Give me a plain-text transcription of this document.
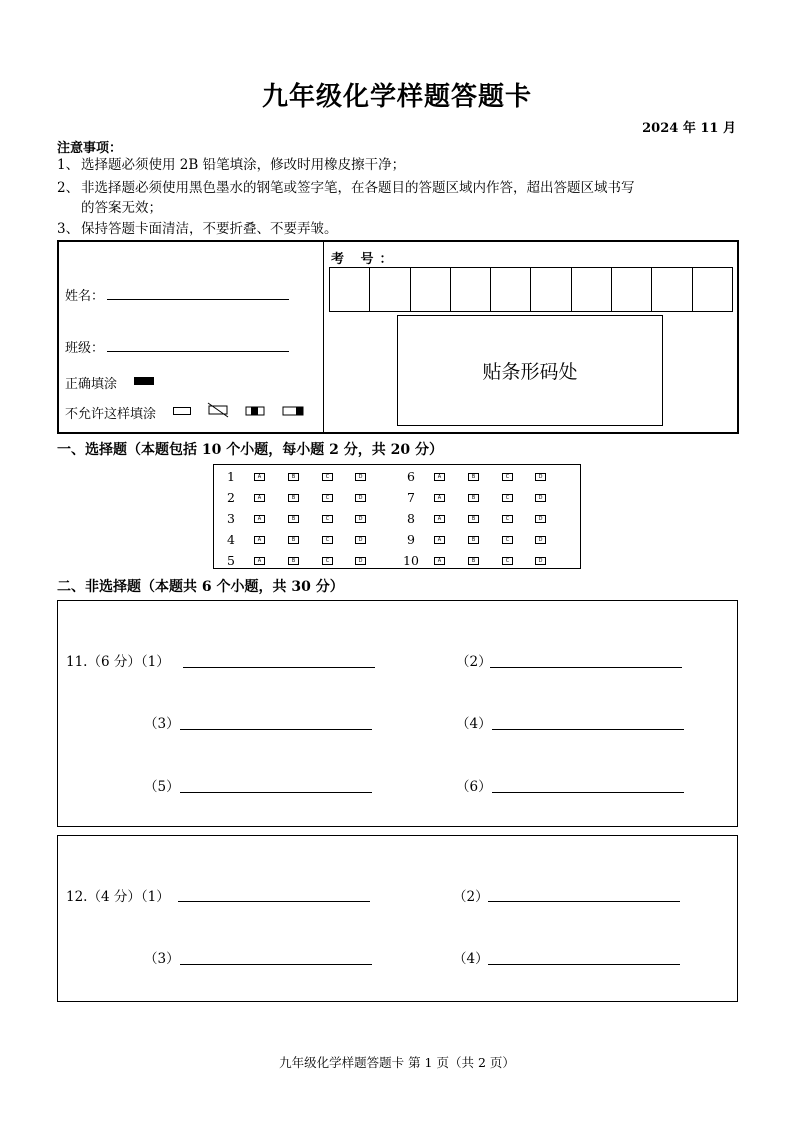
九年级化学样题答题卡
2024 年 11 月
注意事项：
1、 选择题必须使用 2B 铅笔填涂，修改时用橡皮擦干净；
2、 非选择题必须使用黑色墨水的钢笔或签字笔，在各题目的答题区域内作答，超出答题区域书写
的答案无效；
3、 保持答题卡面清洁，不要折叠、不要弄皱。
姓名：
班级：
正确填涂
不允许这样填涂
考 号：
贴条形码处
一、选择题（本题包括 10 个小题，每小题 2 分，共 20 分）
1	A	B	C	D
2	A	B	C	D
3	A	B	C	D
4	A	B	C	D
5	A	B	C	D
6	A	B	C	D
7	A	B	C	D
8	A	B	C	D
9	A	B	C	D
10	A	B	C	D
二、非选择题（本题共 6 个小题，共 30 分）
11.（6 分）（1）	（2）
（3）	（4）
（5）	（6）
12.（4 分）（1）	（2）
（3）	（4）
九年级化学样题答题卡 第 1 页（共 2 页）
